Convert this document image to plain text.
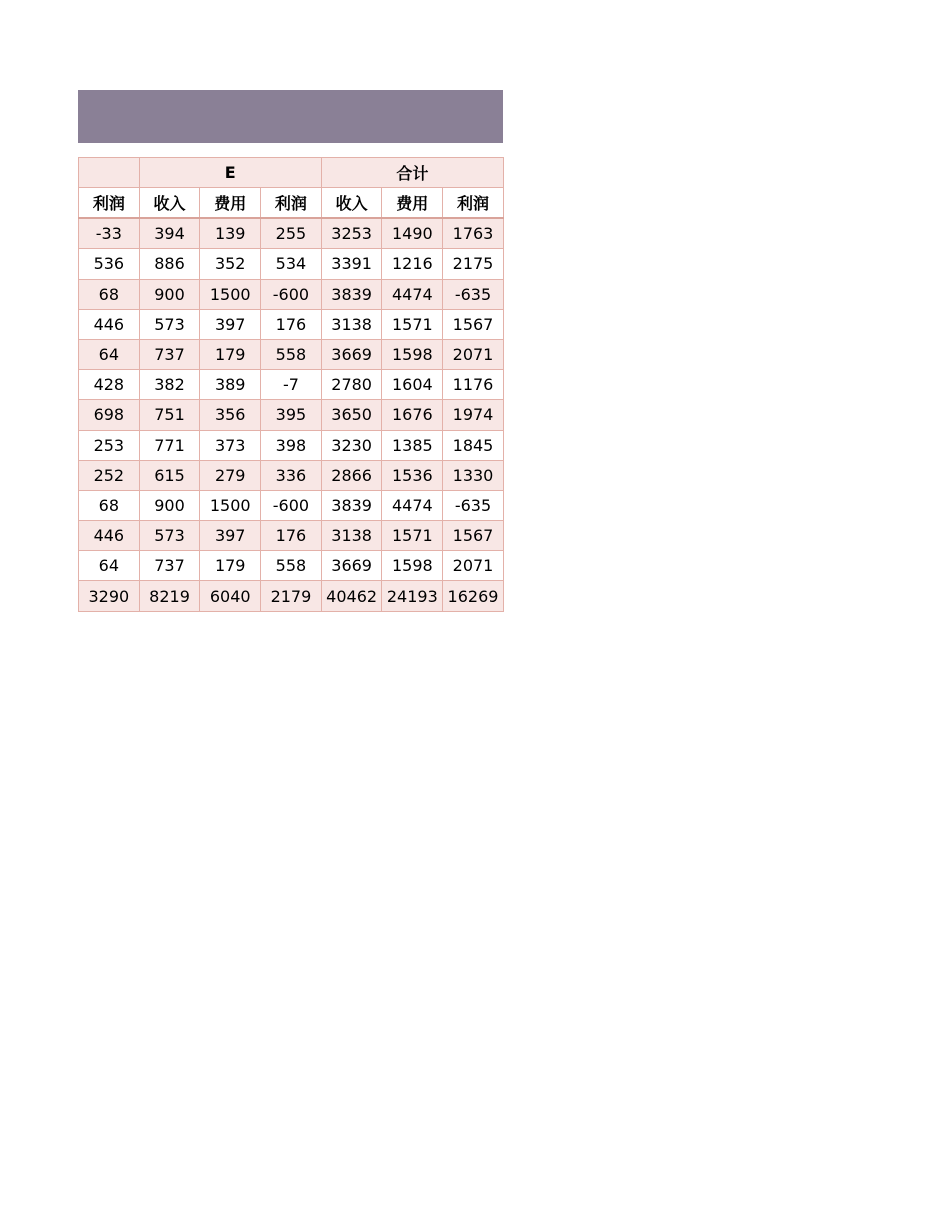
	E			合计		
利润	收入	费用	利润	收入	费用	利润
-33	394	139	255	3253	1490	1763
536	886	352	534	3391	1216	2175
68	900	1500	-600	3839	4474	-635
446	573	397	176	3138	1571	1567
64	737	179	558	3669	1598	2071
428	382	389	-7	2780	1604	1176
698	751	356	395	3650	1676	1974
253	771	373	398	3230	1385	1845
252	615	279	336	2866	1536	1330
68	900	1500	-600	3839	4474	-635
446	573	397	176	3138	1571	1567
64	737	179	558	3669	1598	2071
3290	8219	6040	2179	40462	24193	16269
